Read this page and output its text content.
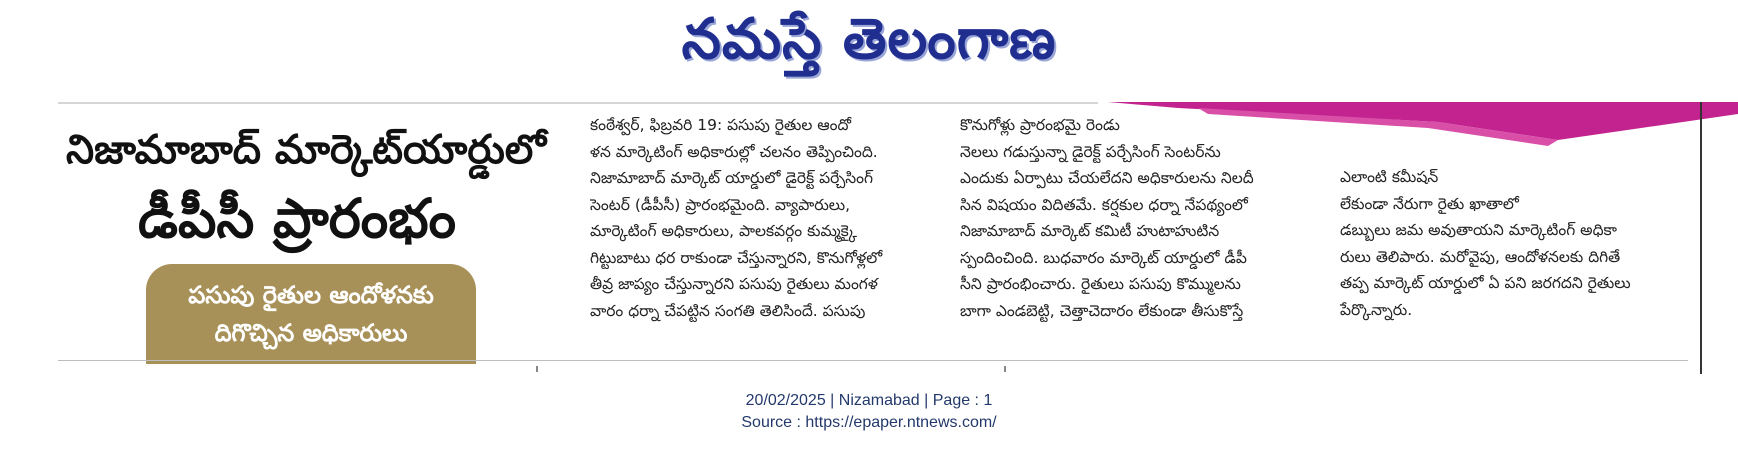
నమస్తే తెలంగాణ
నిజామాబాద్ మార్కెట్‌యార్డులో
డీపీసీ ప్రారంభం
పసుపు రైతుల ఆందోళనకు
దిగొచ్చిన అధికారులు
కంఠేశ్వర్, ఫిబ్రవరి 19: పసుపు రైతుల ఆందో
ళన మార్కెటింగ్ అధికారుల్లో చలనం తెప్పించింది.
నిజామాబాద్ మార్కెట్ యార్డులో డైరెక్ట్ పర్చేసింగ్
సెంటర్ (డీపీసీ) ప్రారంభమైంది. వ్యాపారులు,
మార్కెటింగ్ అధికారులు, పాలకవర్గం కుమ్మక్కై
గిట్టుబాటు ధర రాకుండా చేస్తున్నారని, కొనుగోళ్లలో
తీవ్ర జాప్యం చేస్తున్నారని పసుపు రైతులు మంగళ
వారం ధర్నా చేపట్టిన సంగతి తెలిసిందే. పసుపు
కొనుగోళ్లు ప్రారంభమై రెండు
నెలలు గడుస్తున్నా డైరెక్ట్ పర్చేసింగ్ సెంటర్‌ను
ఎందుకు ఏర్పాటు చేయలేదని అధికారులను నిలదీ
సిన విషయం విదితమే. కర్షకుల ధర్నా నేపథ్యంలో
నిజామాబాద్ మార్కెట్ కమిటీ హుటాహుటిన
స్పందించింది. బుధవారం మార్కెట్ యార్డులో డీపీ
సీని ప్రారంభించారు. రైతులు పసుపు కొమ్ములను
బాగా ఎండబెట్టి, చెత్తాచెదారం లేకుండా తీసుకొస్తే
ఎలాంటి కమీషన్
లేకుండా నేరుగా రైతు ఖాతాలో
డబ్బులు జమ అవుతాయని మార్కెటింగ్ అధికా
రులు తెలిపారు. మరోవైపు, ఆందోళనలకు దిగితే
తప్ప మార్కెట్ యార్డులో ఏ పని జరగదని రైతులు
పేర్కొన్నారు.
20/02/2025 | Nizamabad | Page : 1
Source : https://epaper.ntnews.com/
